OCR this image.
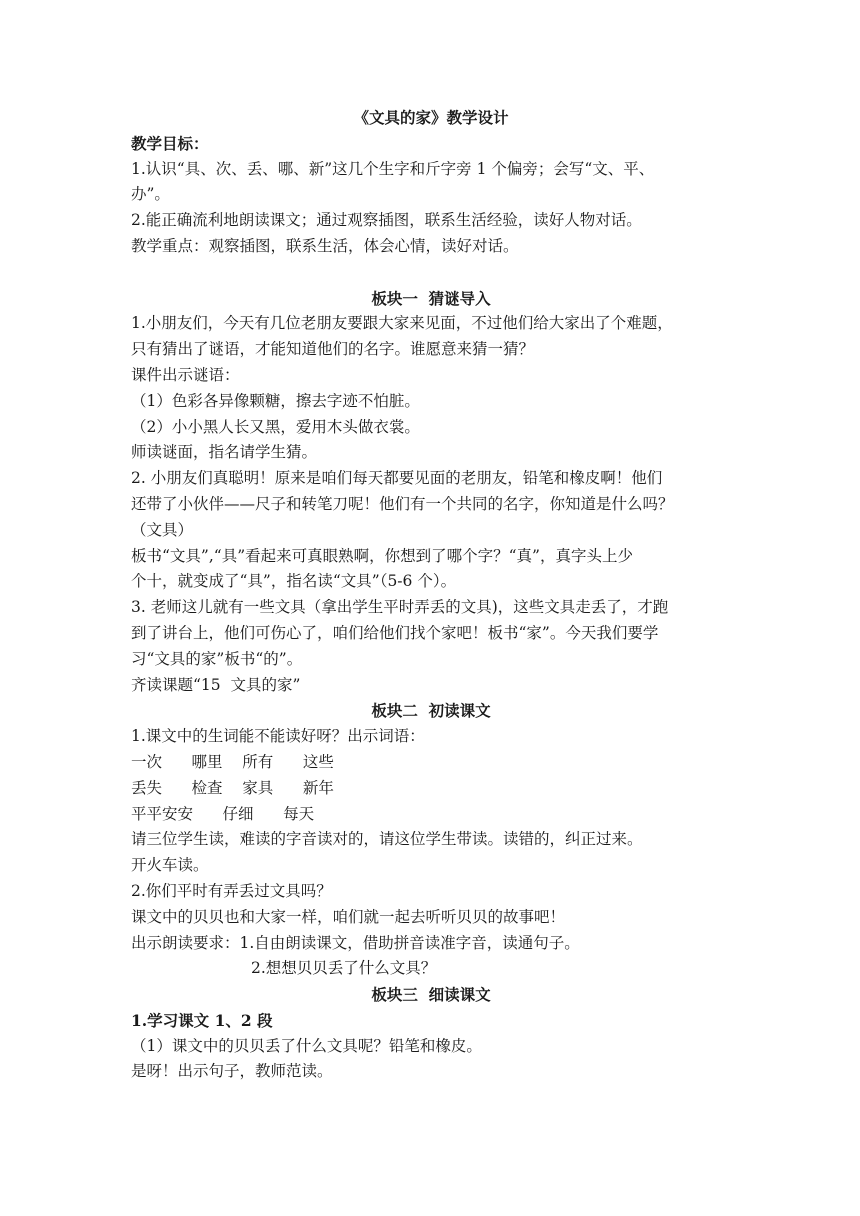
《文具的家》教学设计

教学目标：

1.认识“具、次、丢、哪、新”这几个生字和斤字旁 1 个偏旁；会写“文、平、

办”。

2.能正确流利地朗读课文；通过观察插图，联系生活经验，读好人物对话。

教学重点：观察插图，联系生活，体会心情，读好对话。

板块一  猜谜导入

1.小朋友们，今天有几位老朋友要跟大家来见面，不过他们给大家出了个难题，

只有猜出了谜语，才能知道他们的名字。谁愿意来猜一猜？

课件出示谜语：

（1）色彩各异像颗糖，擦去字迹不怕脏。

（2）小小黑人长又黑，爱用木头做衣裳。

师读谜面，指名请学生猜。

2. 小朋友们真聪明！原来是咱们每天都要见面的老朋友，铅笔和橡皮啊！他们

还带了小伙伴——尺子和转笔刀呢！他们有一个共同的名字，你知道是什么吗？

（文具）

板书“文具”,“具”看起来可真眼熟啊，你想到了哪个字？“真”，真字头上少

个十，就变成了“具”，指名读“文具”（5-6 个）。

3. 老师这儿就有一些文具（拿出学生平时弄丢的文具)，这些文具走丢了，才跑

到了讲台上，他们可伤心了，咱们给他们找个家吧！板书“家”。今天我们要学

习“文具的家”板书“的”。

齐读课题“15  文具的家”

板块二  初读课文

1.课文中的生词能不能读好呀？出示词语：

一次      哪里    所有      这些

丢失      检查    家具      新年

平平安安      仔细      每天

请三位学生读，难读的字音读对的，请这位学生带读。读错的，纠正过来。

开火车读。

2.你们平时有弄丢过文具吗？

课文中的贝贝也和大家一样，咱们就一起去听听贝贝的故事吧！

出示朗读要求：1.自由朗读课文，借助拼音读准字音，读通句子。

2.想想贝贝丢了什么文具？

板块三  细读课文

1.学习课文 1、2 段

（1）课文中的贝贝丢了什么文具呢？铅笔和橡皮。

是呀！出示句子，教师范读。
